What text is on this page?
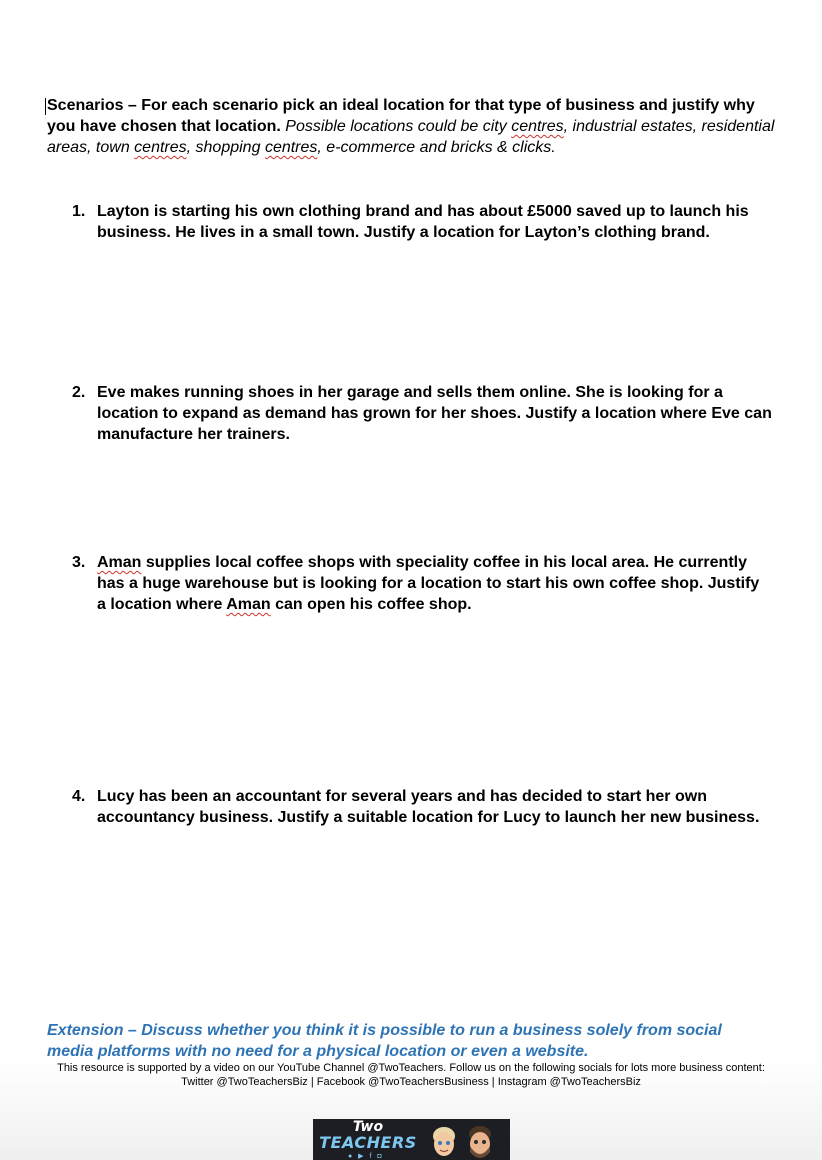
Scenarios – For each scenario pick an ideal location for that type of business and justify why you have chosen that location. Possible locations could be city centres, industrial estates, residential areas, town centres, shopping centres, e-commerce and bricks & clicks.
1. Layton is starting his own clothing brand and has about £5000 saved up to launch his business. He lives in a small town. Justify a location for Layton’s clothing brand.
2. Eve makes running shoes in her garage and sells them online. She is looking for a location to expand as demand has grown for her shoes. Justify a location where Eve can manufacture her trainers.
3. Aman supplies local coffee shops with speciality coffee in his local area. He currently has a huge warehouse but is looking for a location to start his own coffee shop. Justify a location where Aman can open his coffee shop.
4. Lucy has been an accountant for several years and has decided to start her own accountancy business. Justify a suitable location for Lucy to launch her new business.
Extension – Discuss whether you think it is possible to run a business solely from social media platforms with no need for a physical location or even a website.
This resource is supported by a video on our YouTube Channel @TwoTeachers. Follow us on the following socials for lots more business content:
Twitter @TwoTeachersBiz | Facebook @TwoTeachersBusiness | Instagram @TwoTeachersBiz
Two
TEACHERS
● ▶ f ◘
